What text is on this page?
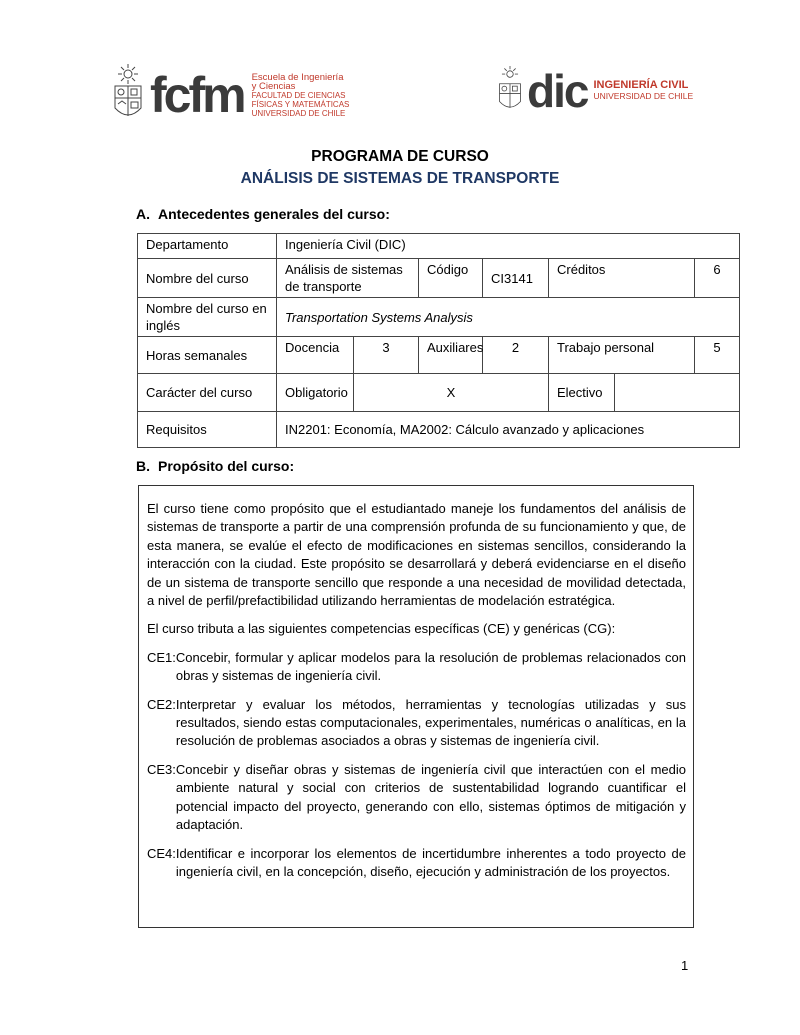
fcfm Escuela de Ingeniería
y Ciencias
FACULTAD DE CIENCIAS
FÍSICAS Y MATEMÁTICAS
UNIVERSIDAD DE CHILE	dic INGENIERÍA CIVIL
UNIVERSIDAD DE CHILE
PROGRAMA DE CURSO
ANÁLISIS DE SISTEMAS DE TRANSPORTE
A. Antecedentes generales del curso:
Departamento	Ingeniería Civil (DIC)						
Nombre del curso	Análisis de sistemas de transporte		Código	CI3141	Créditos		6
Nombre del curso en inglés	Transportation Systems Analysis						
Horas semanales	Docencia	3	Auxiliares	2	Trabajo personal		5
Carácter del curso	Obligatorio	X			Electivo		
Requisitos	IN2201: Economía, MA2002: Cálculo avanzado y aplicaciones						
B. Propósito del curso:

El curso tiene como propósito que el estudiantado maneje los fundamentos del análisis de sistemas de transporte a partir de una comprensión profunda de su funcionamiento y que, de esta manera, se evalúe el efecto de modificaciones en sistemas sencillos, considerando la interacción con la ciudad. Este propósito se desarrollará y deberá evidenciarse en el diseño de un sistema de transporte sencillo que responde a una necesidad de movilidad detectada, a nivel de perfil/prefactibilidad utilizando herramientas de modelación estratégica.

El curso tributa a las siguientes competencias específicas (CE) y genéricas (CG):

CE1: Concebir, formular y aplicar modelos para la resolución de problemas relacionados con obras y sistemas de ingeniería civil.
CE2: Interpretar y evaluar los métodos, herramientas y tecnologías utilizadas y sus resultados, siendo estas computacionales, experimentales, numéricas o analíticas, en la resolución de problemas asociados a obras y sistemas de ingeniería civil.
CE3: Concebir y diseñar obras y sistemas de ingeniería civil que interactúen con el medio ambiente natural y social con criterios de sustentabilidad logrando cuantificar el potencial impacto del proyecto, generando con ello, sistemas óptimos de mitigación y adaptación.
CE4: Identificar e incorporar los elementos de incertidumbre inherentes a todo proyecto de ingeniería civil, en la concepción, diseño, ejecución y administración de los proyectos.
1
